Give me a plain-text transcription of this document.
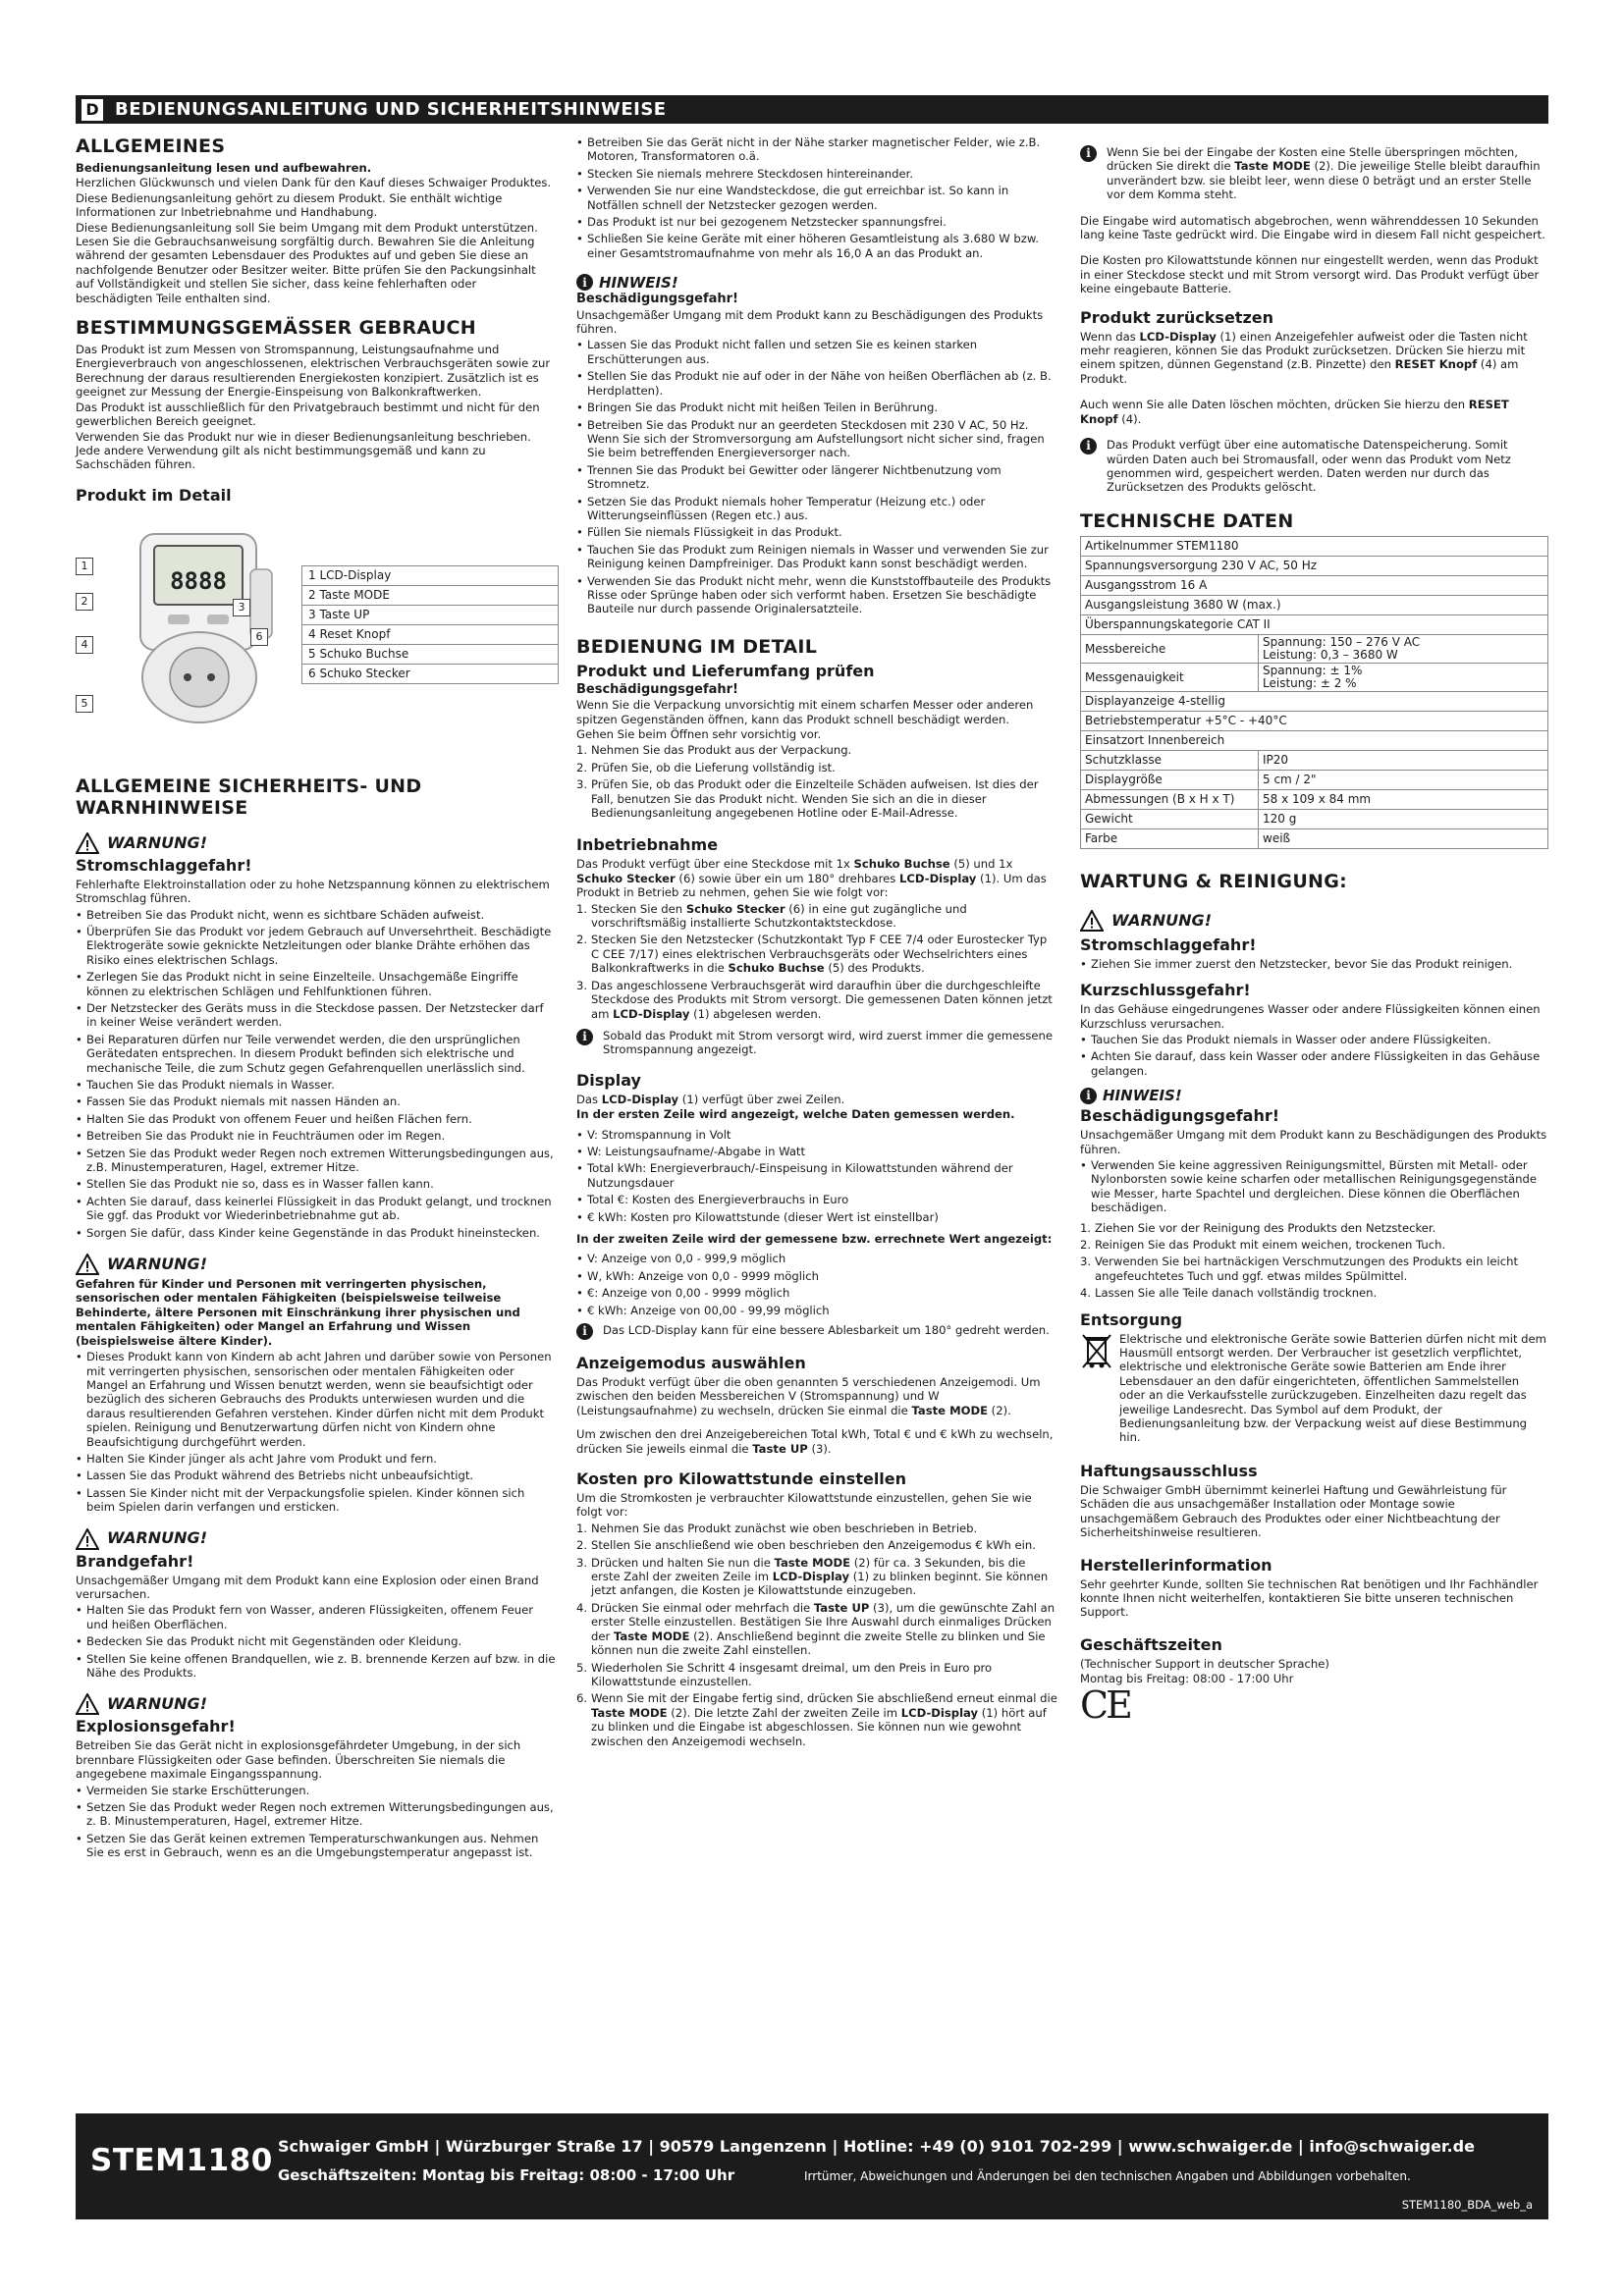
D BEDIENUNGSANLEITUNG UND SICHERHEITSHINWEISE
ALLGEMEINES

Bedienungsanleitung lesen und aufbewahren.

Herzlichen Glückwunsch und vielen Dank für den Kauf dieses Schwaiger Produktes.

Diese Bedienungsanleitung gehört zu diesem Produkt. Sie enthält wichtige Informationen zur Inbetriebnahme und Handhabung.

Diese Bedienungsanleitung soll Sie beim Umgang mit dem Produkt unterstützen. Lesen Sie die Gebrauchsanweisung sorgfältig durch. Bewahren Sie die Anleitung während der gesamten Lebensdauer des Produktes auf und geben Sie diese an nachfolgende Benutzer oder Besitzer weiter. Bitte prüfen Sie den Packungsinhalt auf Vollständigkeit und stellen Sie sicher, dass keine fehlerhaften oder beschädigten Teile enthalten sind.

BESTIMMUNGSGEMÄSSER GEBRAUCH

Das Produkt ist zum Messen von Stromspannung, Leistungsaufnahme und Energieverbrauch von angeschlossenen, elektrischen Verbrauchsgeräten sowie zur Berechnung der daraus resultierenden Energiekosten konzipiert. Zusätzlich ist es geeignet zur Messung der Energie-Einspeisung von Balkonkraftwerken.

Das Produkt ist ausschließlich für den Privatgebrauch bestimmt und nicht für den gewerblichen Bereich geeignet.

Verwenden Sie das Produkt nur wie in dieser Bedienungsanleitung beschrieben. Jede andere Verwendung gilt als nicht bestimmungsgemäß und kann zu Sachschäden führen.

Produkt im Detail
8888
1
2	3
4
5
6
1 LCD-Display
2 Taste MODE
3 Taste UP
4 Reset Knopf
5 Schuko Buchse
6 Schuko Stecker
ALLGEMEINE SICHERHEITS- UND WARNHINWEISE
WARNUNG!
Stromschlaggefahr!

Fehlerhafte Elektroinstallation oder zu hohe Netzspannung können zu elektrischem Stromschlag führen.

• Betreiben Sie das Produkt nicht, wenn es sichtbare Schäden aufweist.
• Überprüfen Sie das Produkt vor jedem Gebrauch auf Unversehrtheit. Beschädigte Elektrogeräte sowie geknickte Netzleitungen oder blanke Drähte erhöhen das Risiko eines elektrischen Schlags.
• Zerlegen Sie das Produkt nicht in seine Einzelteile. Unsachgemäße Eingriffe können zu elektrischen Schlägen und Fehlfunktionen führen.
• Der Netzstecker des Geräts muss in die Steckdose passen. Der Netzstecker darf in keiner Weise verändert werden.
• Bei Reparaturen dürfen nur Teile verwendet werden, die den ursprünglichen Gerätedaten entsprechen. In diesem Produkt befinden sich elektrische und mechanische Teile, die zum Schutz gegen Gefahrenquellen unerlässlich sind.
• Tauchen Sie das Produkt niemals in Wasser.
• Fassen Sie das Produkt niemals mit nassen Händen an.
• Halten Sie das Produkt von offenem Feuer und heißen Flächen fern.
• Betreiben Sie das Produkt nie in Feuchträumen oder im Regen.
• Setzen Sie das Produkt weder Regen noch extremen Witterungsbedingungen aus, z.B. Minustemperaturen, Hagel, extremer Hitze.
• Stellen Sie das Produkt nie so, dass es in Wasser fallen kann.
• Achten Sie darauf, dass keinerlei Flüssigkeit in das Produkt gelangt, und trocknen Sie ggf. das Produkt vor Wiederinbetriebnahme gut ab.
• Sorgen Sie dafür, dass Kinder keine Gegenstände in das Produkt hineinstecken.
WARNUNG!

Gefahren für Kinder und Personen mit verringerten physischen, sensorischen oder mentalen Fähigkeiten (beispielsweise teilweise Behinderte, ältere Personen mit Einschränkung ihrer physischen und mentalen Fähigkeiten) oder Mangel an Erfahrung und Wissen (beispielsweise ältere Kinder).

• Dieses Produkt kann von Kindern ab acht Jahren und darüber sowie von Personen mit verringerten physischen, sensorischen oder mentalen Fähigkeiten oder Mangel an Erfahrung und Wissen benutzt werden, wenn sie beaufsichtigt oder bezüglich des sicheren Gebrauchs des Produkts unterwiesen wurden und die daraus resultierenden Gefahren verstehen. Kinder dürfen nicht mit dem Produkt spielen. Reinigung und Benutzerwartung dürfen nicht von Kindern ohne Beaufsichtigung durchgeführt werden.
• Halten Sie Kinder jünger als acht Jahre vom Produkt und fern.
• Lassen Sie das Produkt während des Betriebs nicht unbeaufsichtigt.
• Lassen Sie Kinder nicht mit der Verpackungsfolie spielen. Kinder können sich beim Spielen darin verfangen und ersticken.
WARNUNG!
Brandgefahr!

Unsachgemäßer Umgang mit dem Produkt kann eine Explosion oder einen Brand verursachen.

• Halten Sie das Produkt fern von Wasser, anderen Flüssigkeiten, offenem Feuer und heißen Oberflächen.
• Bedecken Sie das Produkt nicht mit Gegenständen oder Kleidung.
• Stellen Sie keine offenen Brandquellen, wie z. B. brennende Kerzen auf bzw. in die Nähe des Produkts.
WARNUNG!
Explosionsgefahr!

Betreiben Sie das Gerät nicht in explosionsgefährdeter Umgebung, in der sich brennbare Flüssigkeiten oder Gase befinden. Überschreiten Sie niemals die angegebene maximale Eingangsspannung.

• Vermeiden Sie starke Erschütterungen.
• Setzen Sie das Produkt weder Regen noch extremen Witterungsbedingungen aus, z. B. Minustemperaturen, Hagel, extremer Hitze.
• Setzen Sie das Gerät keinen extremen Temperaturschwankungen aus. Nehmen Sie es erst in Gebrauch, wenn es an die Umgebungstemperatur angepasst ist.
• Betreiben Sie das Gerät nicht in der Nähe starker magnetischer Felder, wie z.B. Motoren, Transformatoren o.ä.
• Stecken Sie niemals mehrere Steckdosen hintereinander.
• Verwenden Sie nur eine Wandsteckdose, die gut erreichbar ist. So kann in Notfällen schnell der Netzstecker gezogen werden.
• Das Produkt ist nur bei gezogenem Netzstecker spannungsfrei.
• Schließen Sie keine Geräte mit einer höheren Gesamtleistung als 3.680 W bzw. einer Gesamtstromaufnahme von mehr als 16,0 A an das Produkt an.
i HINWEIS!
Beschädigungsgefahr!

Unsachgemäßer Umgang mit dem Produkt kann zu Beschädigungen des Produkts führen.

• Lassen Sie das Produkt nicht fallen und setzen Sie es keinen starken Erschütterungen aus.
• Stellen Sie das Produkt nie auf oder in der Nähe von heißen Oberflächen ab (z. B. Herdplatten).
• Bringen Sie das Produkt nicht mit heißen Teilen in Berührung.
• Betreiben Sie das Produkt nur an geerdeten Steckdosen mit 230 V AC, 50 Hz. Wenn Sie sich der Stromversorgung am Aufstellungsort nicht sicher sind, fragen Sie beim betreffenden Energieversorger nach.
• Trennen Sie das Produkt bei Gewitter oder längerer Nichtbenutzung vom Stromnetz.
• Setzen Sie das Produkt niemals hoher Temperatur (Heizung etc.) oder Witterungseinflüssen (Regen etc.) aus.
• Füllen Sie niemals Flüssigkeit in das Produkt.
• Tauchen Sie das Produkt zum Reinigen niemals in Wasser und verwenden Sie zur Reinigung keinen Dampfreiniger. Das Produkt kann sonst beschädigt werden.
• Verwenden Sie das Produkt nicht mehr, wenn die Kunststoffbauteile des Produkts Risse oder Sprünge haben oder sich verformt haben. Ersetzen Sie beschädigte Bauteile nur durch passende Originalersatzteile.
BEDIENUNG IM DETAIL
Produkt und Lieferumfang prüfen
Beschädigungsgefahr!

Wenn Sie die Verpackung unvorsichtig mit einem scharfen Messer oder anderen spitzen Gegenständen öffnen, kann das Produkt schnell beschädigt werden.

Gehen Sie beim Öffnen sehr vorsichtig vor.

1. Nehmen Sie das Produkt aus der Verpackung.
2. Prüfen Sie, ob die Lieferung vollständig ist.
3. Prüfen Sie, ob das Produkt oder die Einzelteile Schäden aufweisen. Ist dies der Fall, benutzen Sie das Produkt nicht. Wenden Sie sich an die in dieser Bedienungsanleitung angegebenen Hotline oder E-Mail-Adresse.
Inbetriebnahme

Das Produkt verfügt über eine Steckdose mit 1x Schuko Buchse (5) und 1x Schuko Stecker (6) sowie über ein um 180° drehbares LCD-Display (1). Um das Produkt in Betrieb zu nehmen, gehen Sie wie folgt vor:

1. Stecken Sie den Schuko Stecker (6) in eine gut zugängliche und vorschriftsmäßig installierte Schutzkontaktsteckdose.
2. Stecken Sie den Netzstecker (Schutzkontakt Typ F CEE 7/4 oder Eurostecker Typ C CEE 7/17) eines elektrischen Verbrauchsgeräts oder Wechselrichters eines Balkonkraftwerks in die Schuko Buchse (5) des Produkts.
3. Das angeschlossene Verbrauchsgerät wird daraufhin über die durchgeschleifte Steckdose des Produkts mit Strom versorgt. Die gemessenen Daten können jetzt am LCD-Display (1) abgelesen werden.
i	Sobald das Produkt mit Strom versorgt wird, wird zuerst immer die gemessene Stromspannung angezeigt.
Display

Das LCD-Display (1) verfügt über zwei Zeilen.

In der ersten Zeile wird angezeigt, welche Daten gemessen werden.

• V: Stromspannung in Volt
• W: Leistungsaufname/-Abgabe in Watt
• Total kWh: Energieverbrauch/-Einspeisung in Kilowattstunden während der Nutzungsdauer
• Total €: Kosten des Energieverbrauchs in Euro
• € kWh: Kosten pro Kilowattstunde (dieser Wert ist einstellbar)

In der zweiten Zeile wird der gemessene bzw. errechnete Wert angezeigt:

• V: Anzeige von 0,0 - 999,9 möglich
• W, kWh: Anzeige von 0,0 - 9999 möglich
• €: Anzeige von 0,00 - 9999 möglich
• € kWh: Anzeige von 00,00 - 99,99 möglich
i	Das LCD-Display kann für eine bessere Ablesbarkeit um 180° gedreht werden.
Anzeigemodus auswählen

Das Produkt verfügt über die oben genannten 5 verschiedenen Anzeigemodi. Um zwischen den beiden Messbereichen V (Stromspannung) und W (Leistungsaufnahme) zu wechseln, drücken Sie einmal die Taste MODE (2).

Um zwischen den drei Anzeigebereichen Total kWh, Total € und € kWh zu wechseln, drücken Sie jeweils einmal die Taste UP (3).

Kosten pro Kilowattstunde einstellen

Um die Stromkosten je verbrauchter Kilowattstunde einzustellen, gehen Sie wie folgt vor:

1. Nehmen Sie das Produkt zunächst wie oben beschrieben in Betrieb.
2. Stellen Sie anschließend wie oben beschrieben den Anzeigemodus € kWh ein.
3. Drücken und halten Sie nun die Taste MODE (2) für ca. 3 Sekunden, bis die erste Zahl der zweiten Zeile im LCD-Display (1) zu blinken beginnt. Sie können jetzt anfangen, die Kosten je Kilowattstunde einzugeben.
4. Drücken Sie einmal oder mehrfach die Taste UP (3), um die gewünschte Zahl an erster Stelle einzustellen. Bestätigen Sie Ihre Auswahl durch einmaliges Drücken der Taste MODE (2). Anschließend beginnt die zweite Stelle zu blinken und Sie können nun die zweite Zahl einstellen.
5. Wiederholen Sie Schritt 4 insgesamt dreimal, um den Preis in Euro pro Kilowattstunde einzustellen.
6. Wenn Sie mit der Eingabe fertig sind, drücken Sie abschließend erneut einmal die Taste MODE (2). Die letzte Zahl der zweiten Zeile im LCD-Display (1) hört auf zu blinken und die Eingabe ist abgeschlossen. Sie können nun wie gewohnt zwischen den Anzeigemodi wechseln.
i	Wenn Sie bei der Eingabe der Kosten eine Stelle überspringen möchten, drücken Sie direkt die Taste MODE (2). Die jeweilige Stelle bleibt daraufhin unverändert bzw. sie bleibt leer, wenn diese 0 beträgt und an erster Stelle vor dem Komma steht.

Die Eingabe wird automatisch abgebrochen, wenn währenddessen 10 Sekunden lang keine Taste gedrückt wird. Die Eingabe wird in diesem Fall nicht gespeichert.

Die Kosten pro Kilowattstunde können nur eingestellt werden, wenn das Produkt in einer Steckdose steckt und mit Strom versorgt wird. Das Produkt verfügt über keine eingebaute Batterie.

Produkt zurücksetzen

Wenn das LCD-Display (1) einen Anzeigefehler aufweist oder die Tasten nicht mehr reagieren, können Sie das Produkt zurücksetzen. Drücken Sie hierzu mit einem spitzen, dünnen Gegenstand (z.B. Pinzette) den RESET Knopf (4) am Produkt.

Auch wenn Sie alle Daten löschen möchten, drücken Sie hierzu den RESET Knopf (4).

i	Das Produkt verfügt über eine automatische Datenspeicherung. Somit würden Daten auch bei Stromausfall, oder wenn das Produkt vom Netz genommen wird, gespeichert werden. Daten werden nur durch das Zurücksetzen des Produkts gelöscht.
TECHNISCHE DATEN
Artikelnummer STEM1180	
Spannungsversorgung 230 V AC, 50 Hz	
Ausgangsstrom 16 A	
Ausgangsleistung 3680 W (max.)	
Überspannungskategorie CAT II	
Messbereiche	Spannung: 150 – 276 V AC
Leistung: 0,3 – 3680 W
Messgenauigkeit	Spannung: ± 1%
Leistung: ± 2 %
Displayanzeige 4-stellig	
Betriebstemperatur +5°C - +40°C	
Einsatzort Innenbereich	
Schutzklasse	IP20
Displaygröße	5 cm / 2"
Abmessungen (B x H x T)	58 x 109 x 84 mm
Gewicht	120 g
Farbe	weiß
WARTUNG & REINIGUNG:
WARNUNG!
Stromschlaggefahr!
• Ziehen Sie immer zuerst den Netzstecker, bevor Sie das Produkt reinigen.
Kurzschlussgefahr!

In das Gehäuse eingedrungenes Wasser oder andere Flüssigkeiten können einen Kurzschluss verursachen.

• Tauchen Sie das Produkt niemals in Wasser oder andere Flüssigkeiten.
• Achten Sie darauf, dass kein Wasser oder andere Flüssigkeiten in das Gehäuse gelangen.
i HINWEIS!
Beschädigungsgefahr!

Unsachgemäßer Umgang mit dem Produkt kann zu Beschädigungen des Produkts führen.

• Verwenden Sie keine aggressiven Reinigungsmittel, Bürsten mit Metall- oder Nylonborsten sowie keine scharfen oder metallischen Reinigungsgegenstände wie Messer, harte Spachtel und dergleichen. Diese können die Oberflächen beschädigen.
1. Ziehen Sie vor der Reinigung des Produkts den Netzstecker.
2. Reinigen Sie das Produkt mit einem weichen, trockenen Tuch.
3. Verwenden Sie bei hartnäckigen Verschmutzungen des Produkts ein leicht angefeuchtetes Tuch und ggf. etwas mildes Spülmittel.
4. Lassen Sie alle Teile danach vollständig trocknen.
Entsorgung

Elektrische und elektronische Geräte sowie Batterien dürfen nicht mit dem Hausmüll entsorgt werden. Der Verbraucher ist gesetzlich verpflichtet, elektrische und elektronische Geräte sowie Batterien am Ende ihrer Lebensdauer an den dafür eingerichteten, öffentlichen Sammelstellen oder an die Verkaufsstelle zurückzugeben. Einzelheiten dazu regelt das jeweilige Landesrecht. Das Symbol auf dem Produkt, der Bedienungsanleitung bzw. der Verpackung weist auf diese Bestimmung hin.

Haftungsausschluss

Die Schwaiger GmbH übernimmt keinerlei Haftung und Gewährleistung für Schäden die aus unsachgemäßer Installation oder Montage sowie unsachgemäßem Gebrauch des Produktes oder einer Nichtbeachtung der Sicherheitshinweise resultieren.

Herstellerinformation

Sehr geehrter Kunde, sollten Sie technischen Rat benötigen und Ihr Fachhändler konnte Ihnen nicht weiterhelfen, kontaktieren Sie bitte unseren technischen Support.

Geschäftszeiten

(Technischer Support in deutscher Sprache)

Montag bis Freitag: 08:00 - 17:00 Uhr

CE
STEM1180 Schwaiger GmbH | Würzburger Straße 17 | 90579 Langenzenn | Hotline: +49 (0) 9101 702-299 | www.schwaiger.de | info@schwaiger.de
Geschäftszeiten: Montag bis Freitag: 08:00 - 17:00 Uhr	Irrtümer, Abweichungen und Änderungen bei den technischen Angaben und Abbildungen vorbehalten.
STEM1180_BDA_web_a
